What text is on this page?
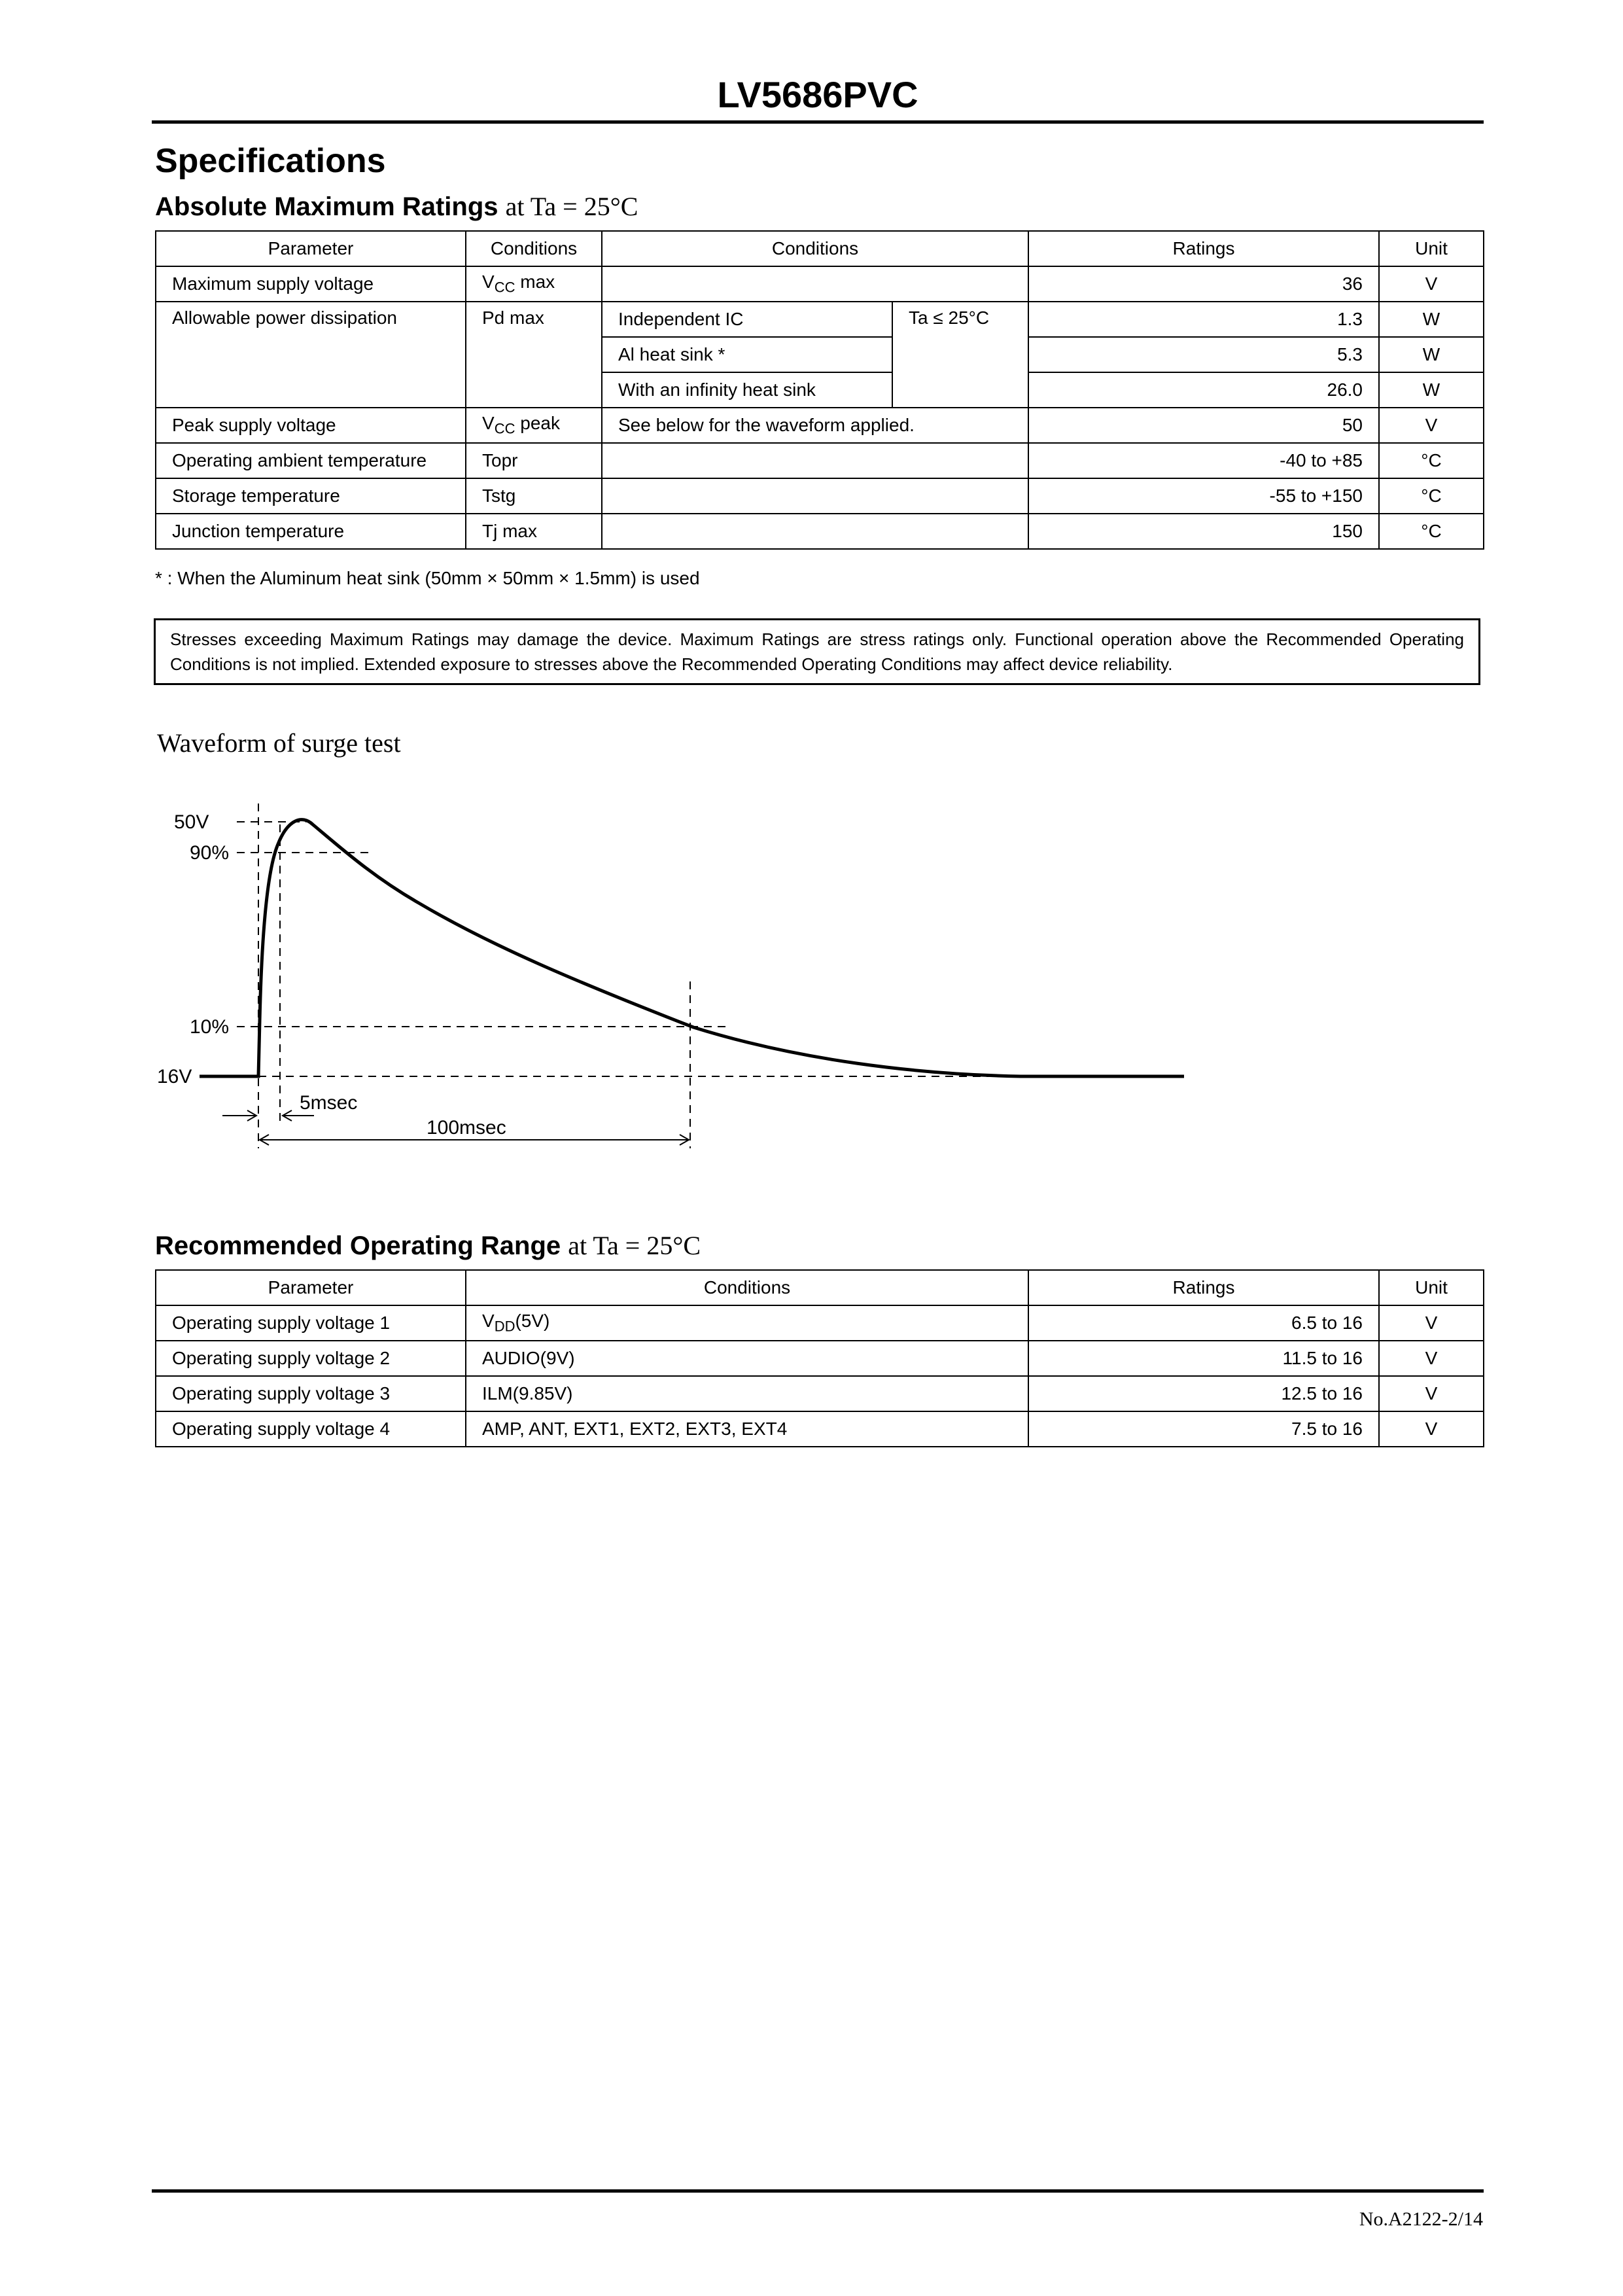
LV5686PVC
Specifications
Absolute Maximum Ratings at Ta = 25°C
Parameter	Conditions	Conditions		Ratings	Unit
Maximum supply voltage	$V_{CC}$ max			36	V
Allowable power dissipation	Pd max	Independent IC	Ta ≤ 25°C	1.3	W
		Al heat sink *		5.3	W
		With an infinity heat sink		26.0	W
Peak supply voltage	$V_{CC}$ peak	See below for the waveform applied.		50	V
Operating ambient temperature	Topr			-40 to +85	°C
Storage temperature	Tstg			-55 to +150	°C
Junction temperature	Tj max			150	°C
* : When the Aluminum heat sink (50mm × 50mm × 1.5mm) is used
Stresses exceeding Maximum Ratings may damage the device. Maximum Ratings are stress ratings only. Functional operation above the Recommended Operating Conditions is not implied. Extended exposure to stresses above the Recommended Operating Conditions may affect device reliability.
Waveform of surge test
50V
90%
10%
16V
5msec
100msec
Recommended Operating Range at Ta = 25°C
Parameter	Conditions	Ratings	Unit
Operating supply voltage 1	$V_{DD}(5V)$	6.5 to 16	V
Operating supply voltage 2	AUDIO(9V)	11.5 to 16	V
Operating supply voltage 3	ILM(9.85V)	12.5 to 16	V
Operating supply voltage 4	AMP, ANT, EXT1, EXT2, EXT3, EXT4	7.5 to 16	V
No.A2122-2/14
